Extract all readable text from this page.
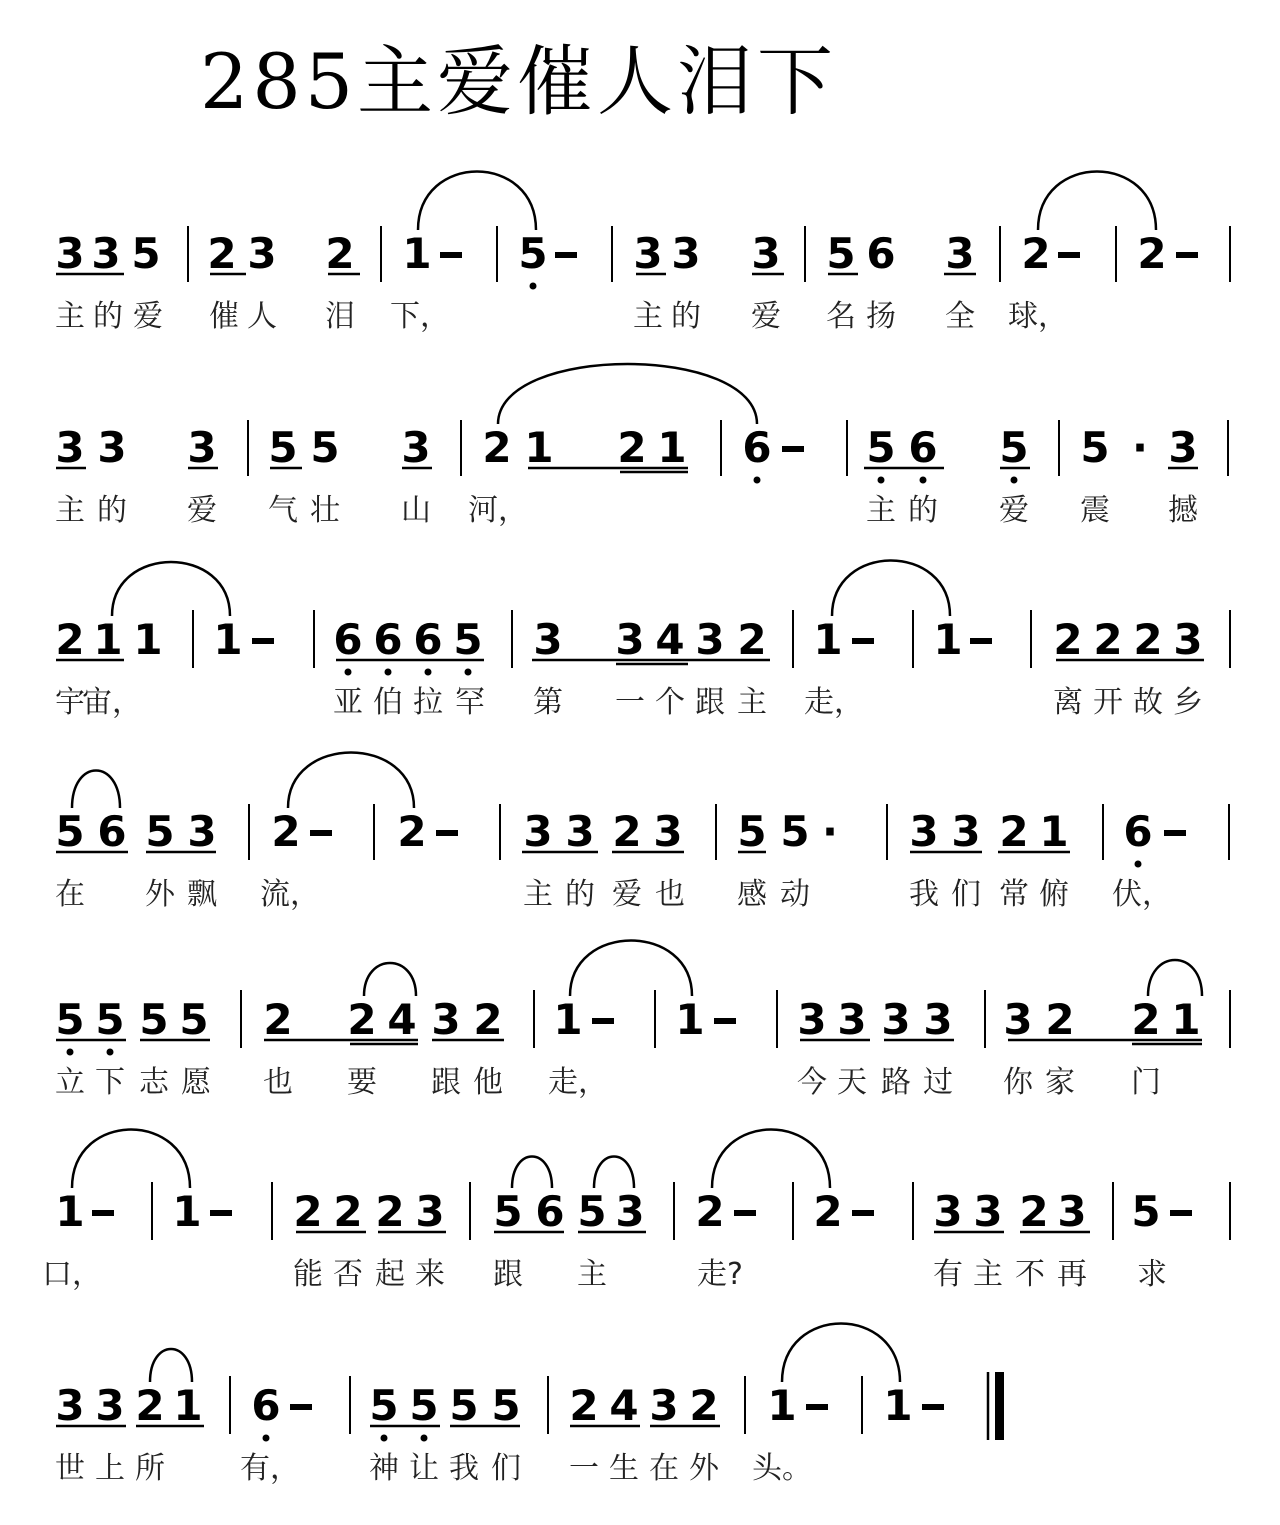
285主爱催人泪下
3 3 5 2 3 2 1 5 3 3 3 5 6 3 2 2
主 的 爱 催 人 泪 下，	主 的 爱 名 扬 全 球，
3 3 3 5 5 3 2 1 2 1 6 5 6 5 5 · 3
主 的 爱 气 壮 山 河，	主 的 爱 震 撼
2 1 1 1 6 6 6 5 3 3 4 3 2 1 1 2 2 2 3
宇
宙，	亚 伯 拉 罕 第 一 个 跟 主 走，	离 开 故 乡
5 6 5 3 2 2 3 3 2 3 5 5 · 3 3 2 1 6
在 外 飘 流，	主 的 爱 也 感 动	我 们 常 俯 伏，
5 5 5 5 2 2 4 3 2 1 1 3 3 3 3 3 2 2 1
立 下 志 愿 也 要 跟 他 走，	今 天 路 过 你 家 门
1 1 2 2 2 3 5 6 5 3 2 2 3 3 2 3 5
口，	能 否 起 来 跟 主	走?	有 主 不 再 求
3 3 2 1 6 5 5 5 5 2 4 3 2 1 1
世 上 所	有， 神 让 我 们 一 生 在 外 头。
